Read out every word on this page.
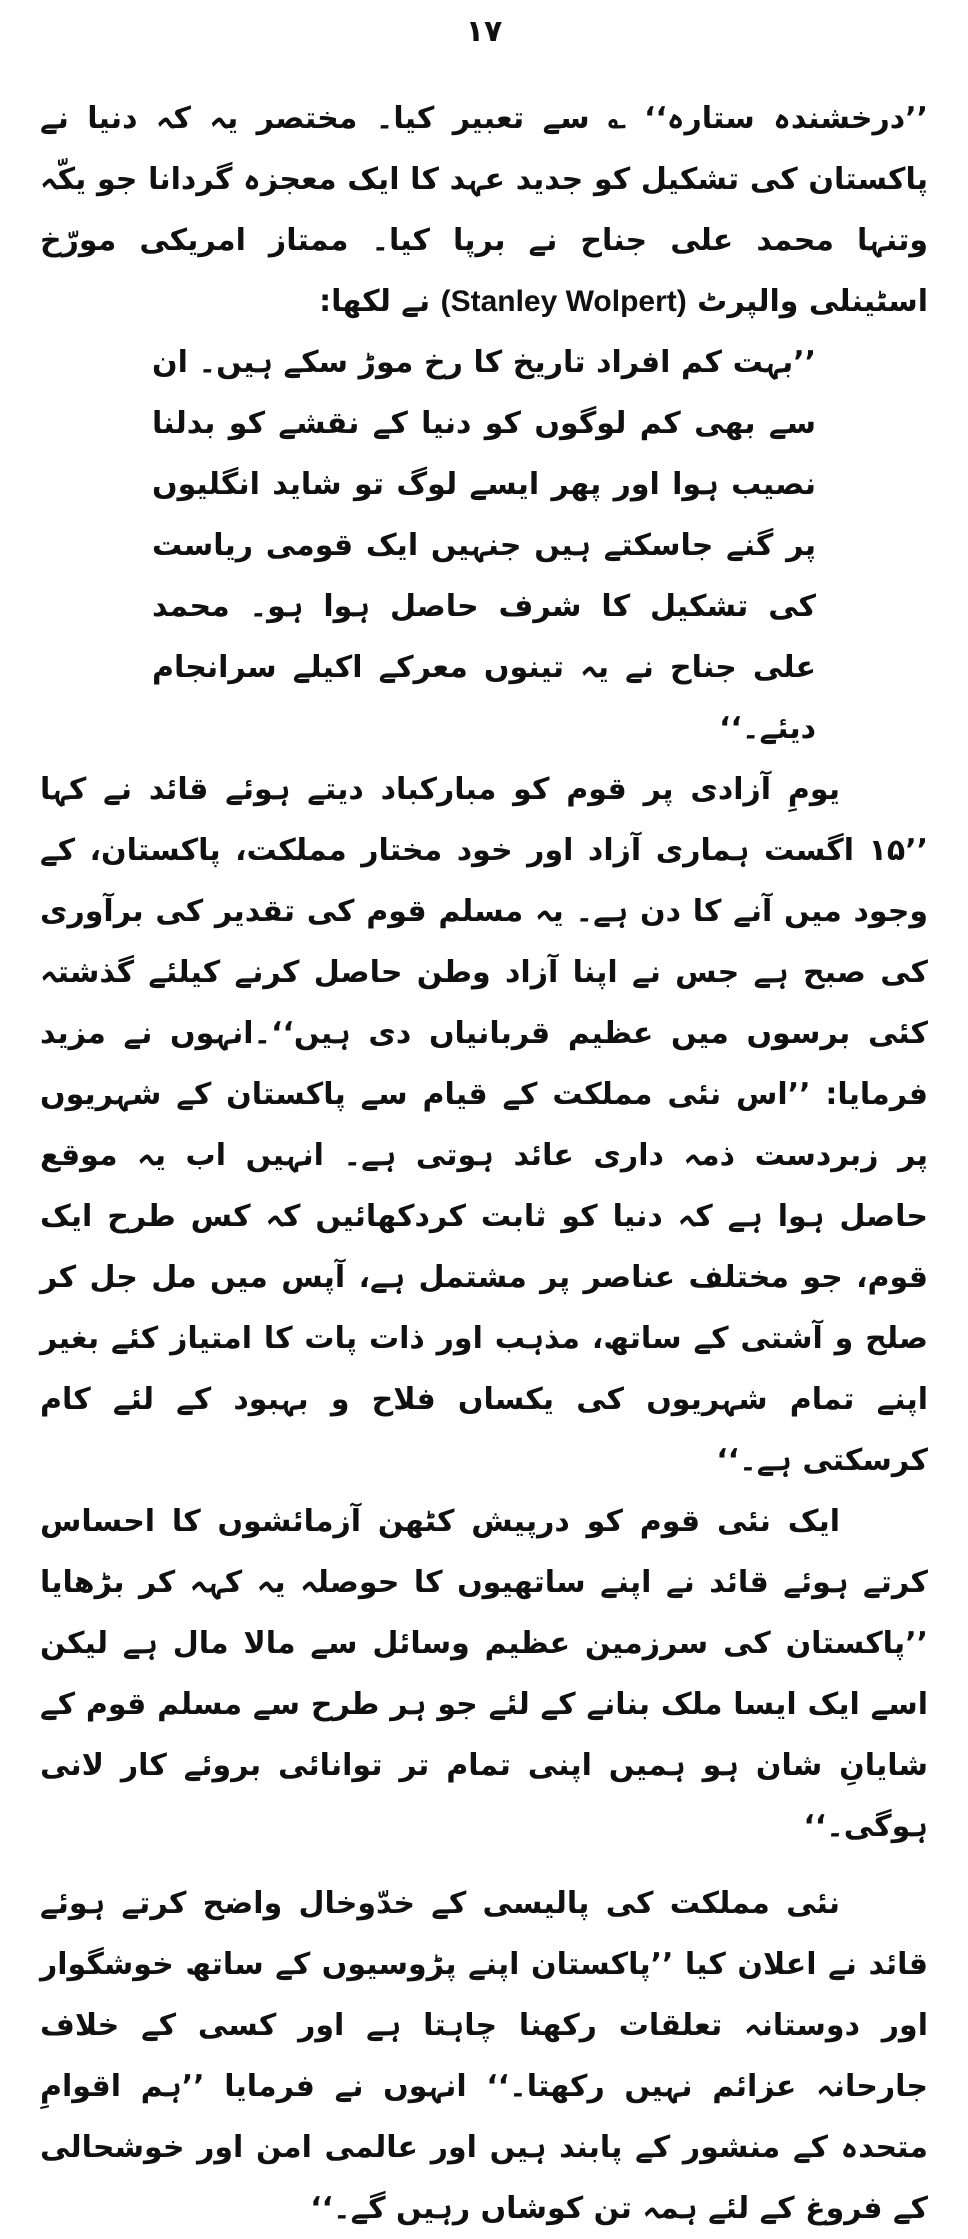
١٧

’’درخشندہ ستارہ‘‘ ؎ سے تعبیر کیا۔ مختصر یہ کہ دنیا نے پاکستان کی تشکیل کو جدید عہد کا ایک معجزہ گردانا جو یکّہ وتنہا محمد علی جناح نے برپا کیا۔ ممتاز امریکی مورّخ اسٹینلی والپرٹ (Stanley Wolpert) نے لکھا:

’’بہت کم افراد تاریخ کا رخ موڑ سکے ہیں۔ ان سے بھی کم لوگوں کو دنیا کے نقشے کو بدلنا نصیب ہوا اور پھر ایسے لوگ تو شاید انگلیوں پر گنے جاسکتے ہیں جنہیں ایک قومی ریاست کی تشکیل کا شرف حاصل ہوا ہو۔ محمد علی جناح نے یہ تینوں معرکے اکیلے سرانجام دیئے۔‘‘

یومِ آزادی پر قوم کو مبارکباد دیتے ہوئے قائد نے کہا ’’۱۵ اگست ہماری آزاد اور خود مختار مملکت، پاکستان، کے وجود میں آنے کا دن ہے۔ یہ مسلم قوم کی تقدیر کی برآوری کی صبح ہے جس نے اپنا آزاد وطن حاصل کرنے کیلئے گذشتہ کئی برسوں میں عظیم قربانیاں دی ہیں‘‘۔انہوں نے مزید فرمایا: ’’اس نئی مملکت کے قیام سے پاکستان کے شہریوں پر زبردست ذمہ داری عائد ہوتی ہے۔ انہیں اب یہ موقع حاصل ہوا ہے کہ دنیا کو ثابت کردکھائیں کہ کس طرح ایک قوم، جو مختلف عناصر پر مشتمل ہے، آپس میں مل جل کر صلح و آشتی کے ساتھ، مذہب اور ذات پات کا امتیاز کئے بغیر اپنے تمام شہریوں کی یکساں فلاح و بہبود کے لئے کام کرسکتی ہے۔‘‘

ایک نئی قوم کو درپیش کٹھن آزمائشوں کا احساس کرتے ہوئے قائد نے اپنے ساتھیوں کا حوصلہ یہ کہہ کر بڑھایا ’’پاکستان کی سرزمین عظیم وسائل سے مالا مال ہے لیکن اسے ایک ایسا ملک بنانے کے لئے جو ہر طرح سے مسلم قوم کے شایانِ شان ہو ہمیں اپنی تمام تر توانائی بروئے کار لانی ہوگی۔‘‘

نئی مملکت کی پالیسی کے خدّوخال واضح کرتے ہوئے قائد نے اعلان کیا ’’پاکستان اپنے پڑوسیوں کے ساتھ خوشگوار اور دوستانہ تعلقات رکھنا چاہتا ہے اور کسی کے خلاف جارحانہ عزائم نہیں رکھتا۔‘‘ انہوں نے فرمایا ’’ہم اقوامِ متحدہ کے منشور کے پابند ہیں اور عالمی امن اور خوشحالی کے فروغ کے لئے ہمہ تن کوشاں رہیں گے۔‘‘
